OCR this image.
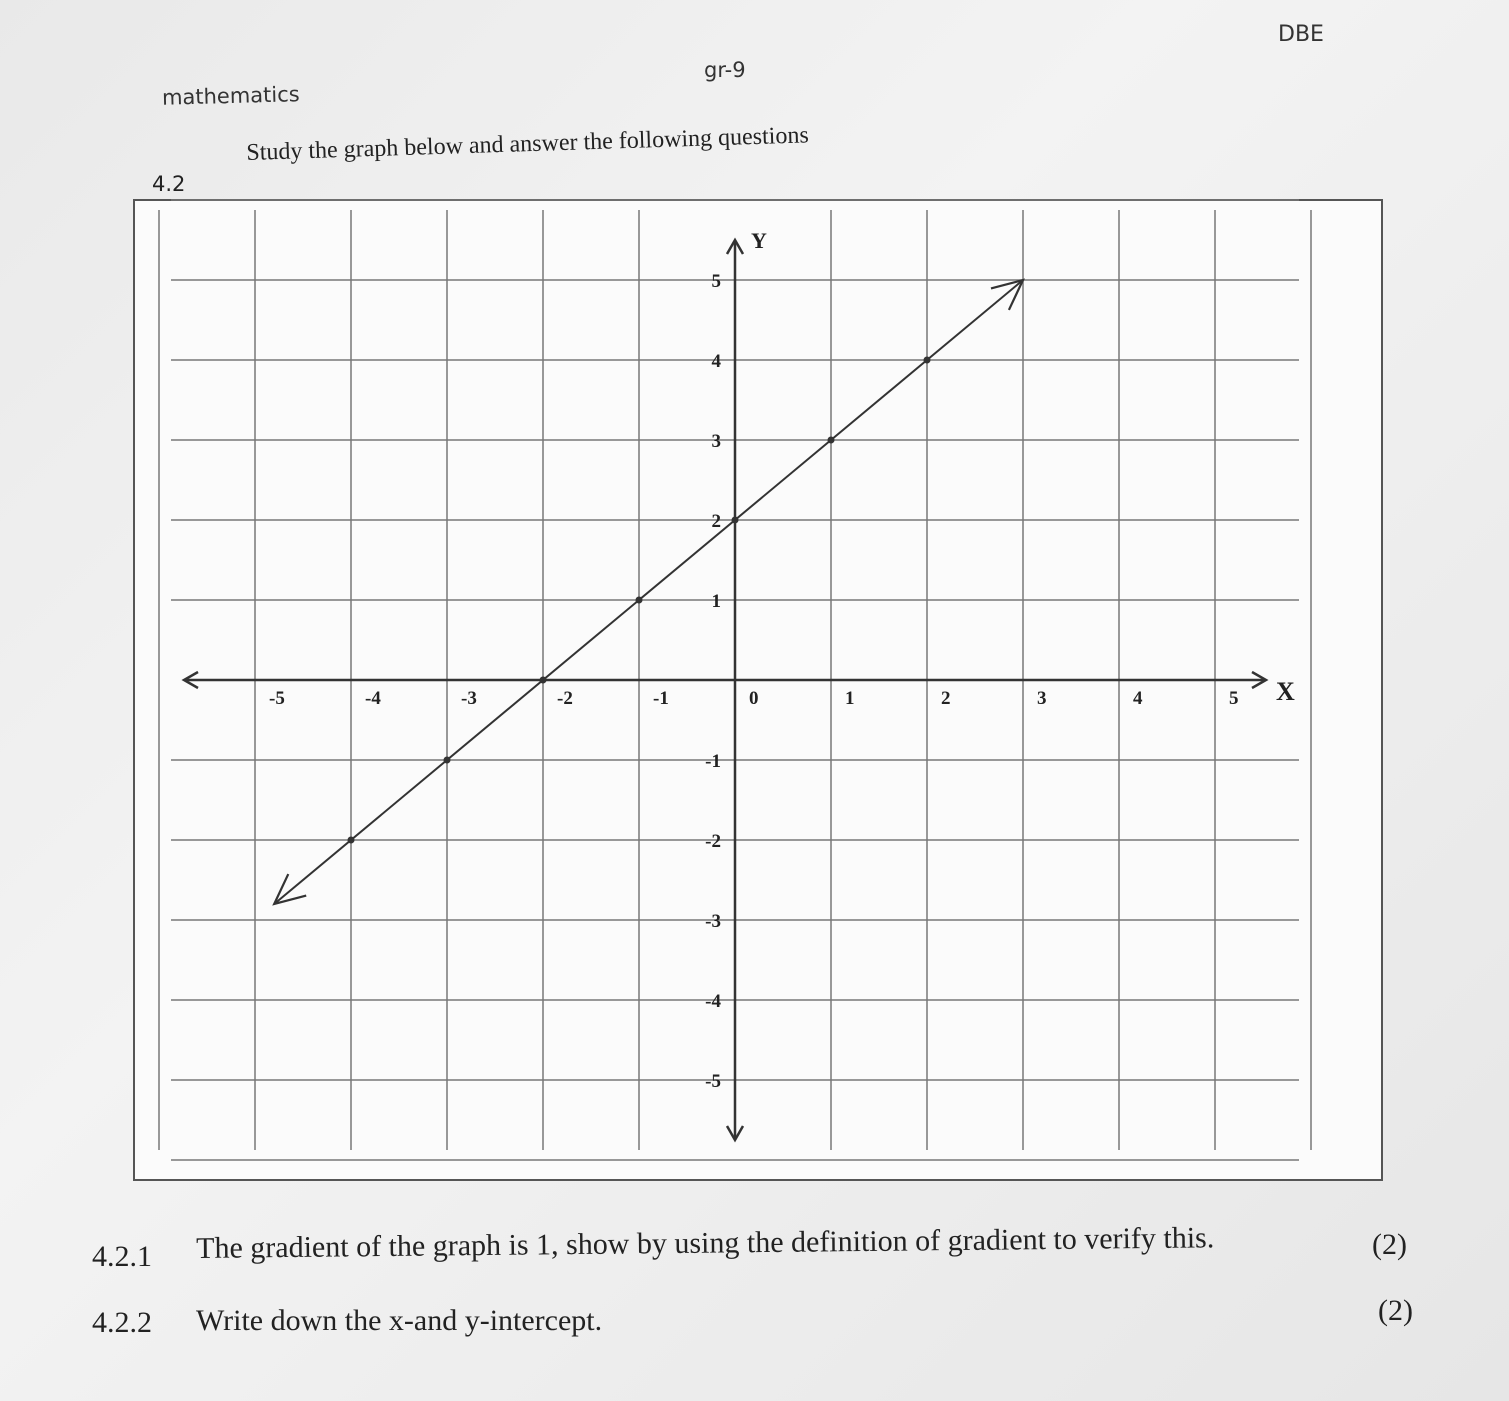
DBE
gr-9
mathematics
4.2
Study the graph below and answer the following questions
X
Y
-5	-4	-3	-2	-1	0	1	2	3	4	5
5
4
3
2
1
-1
-2
-3
-4
-5
4.2.1 The gradient of the graph is 1, show by using the definition of gradient to verify this.	(2)
4.2.2 Write down the x-and y-intercept.	(2)
